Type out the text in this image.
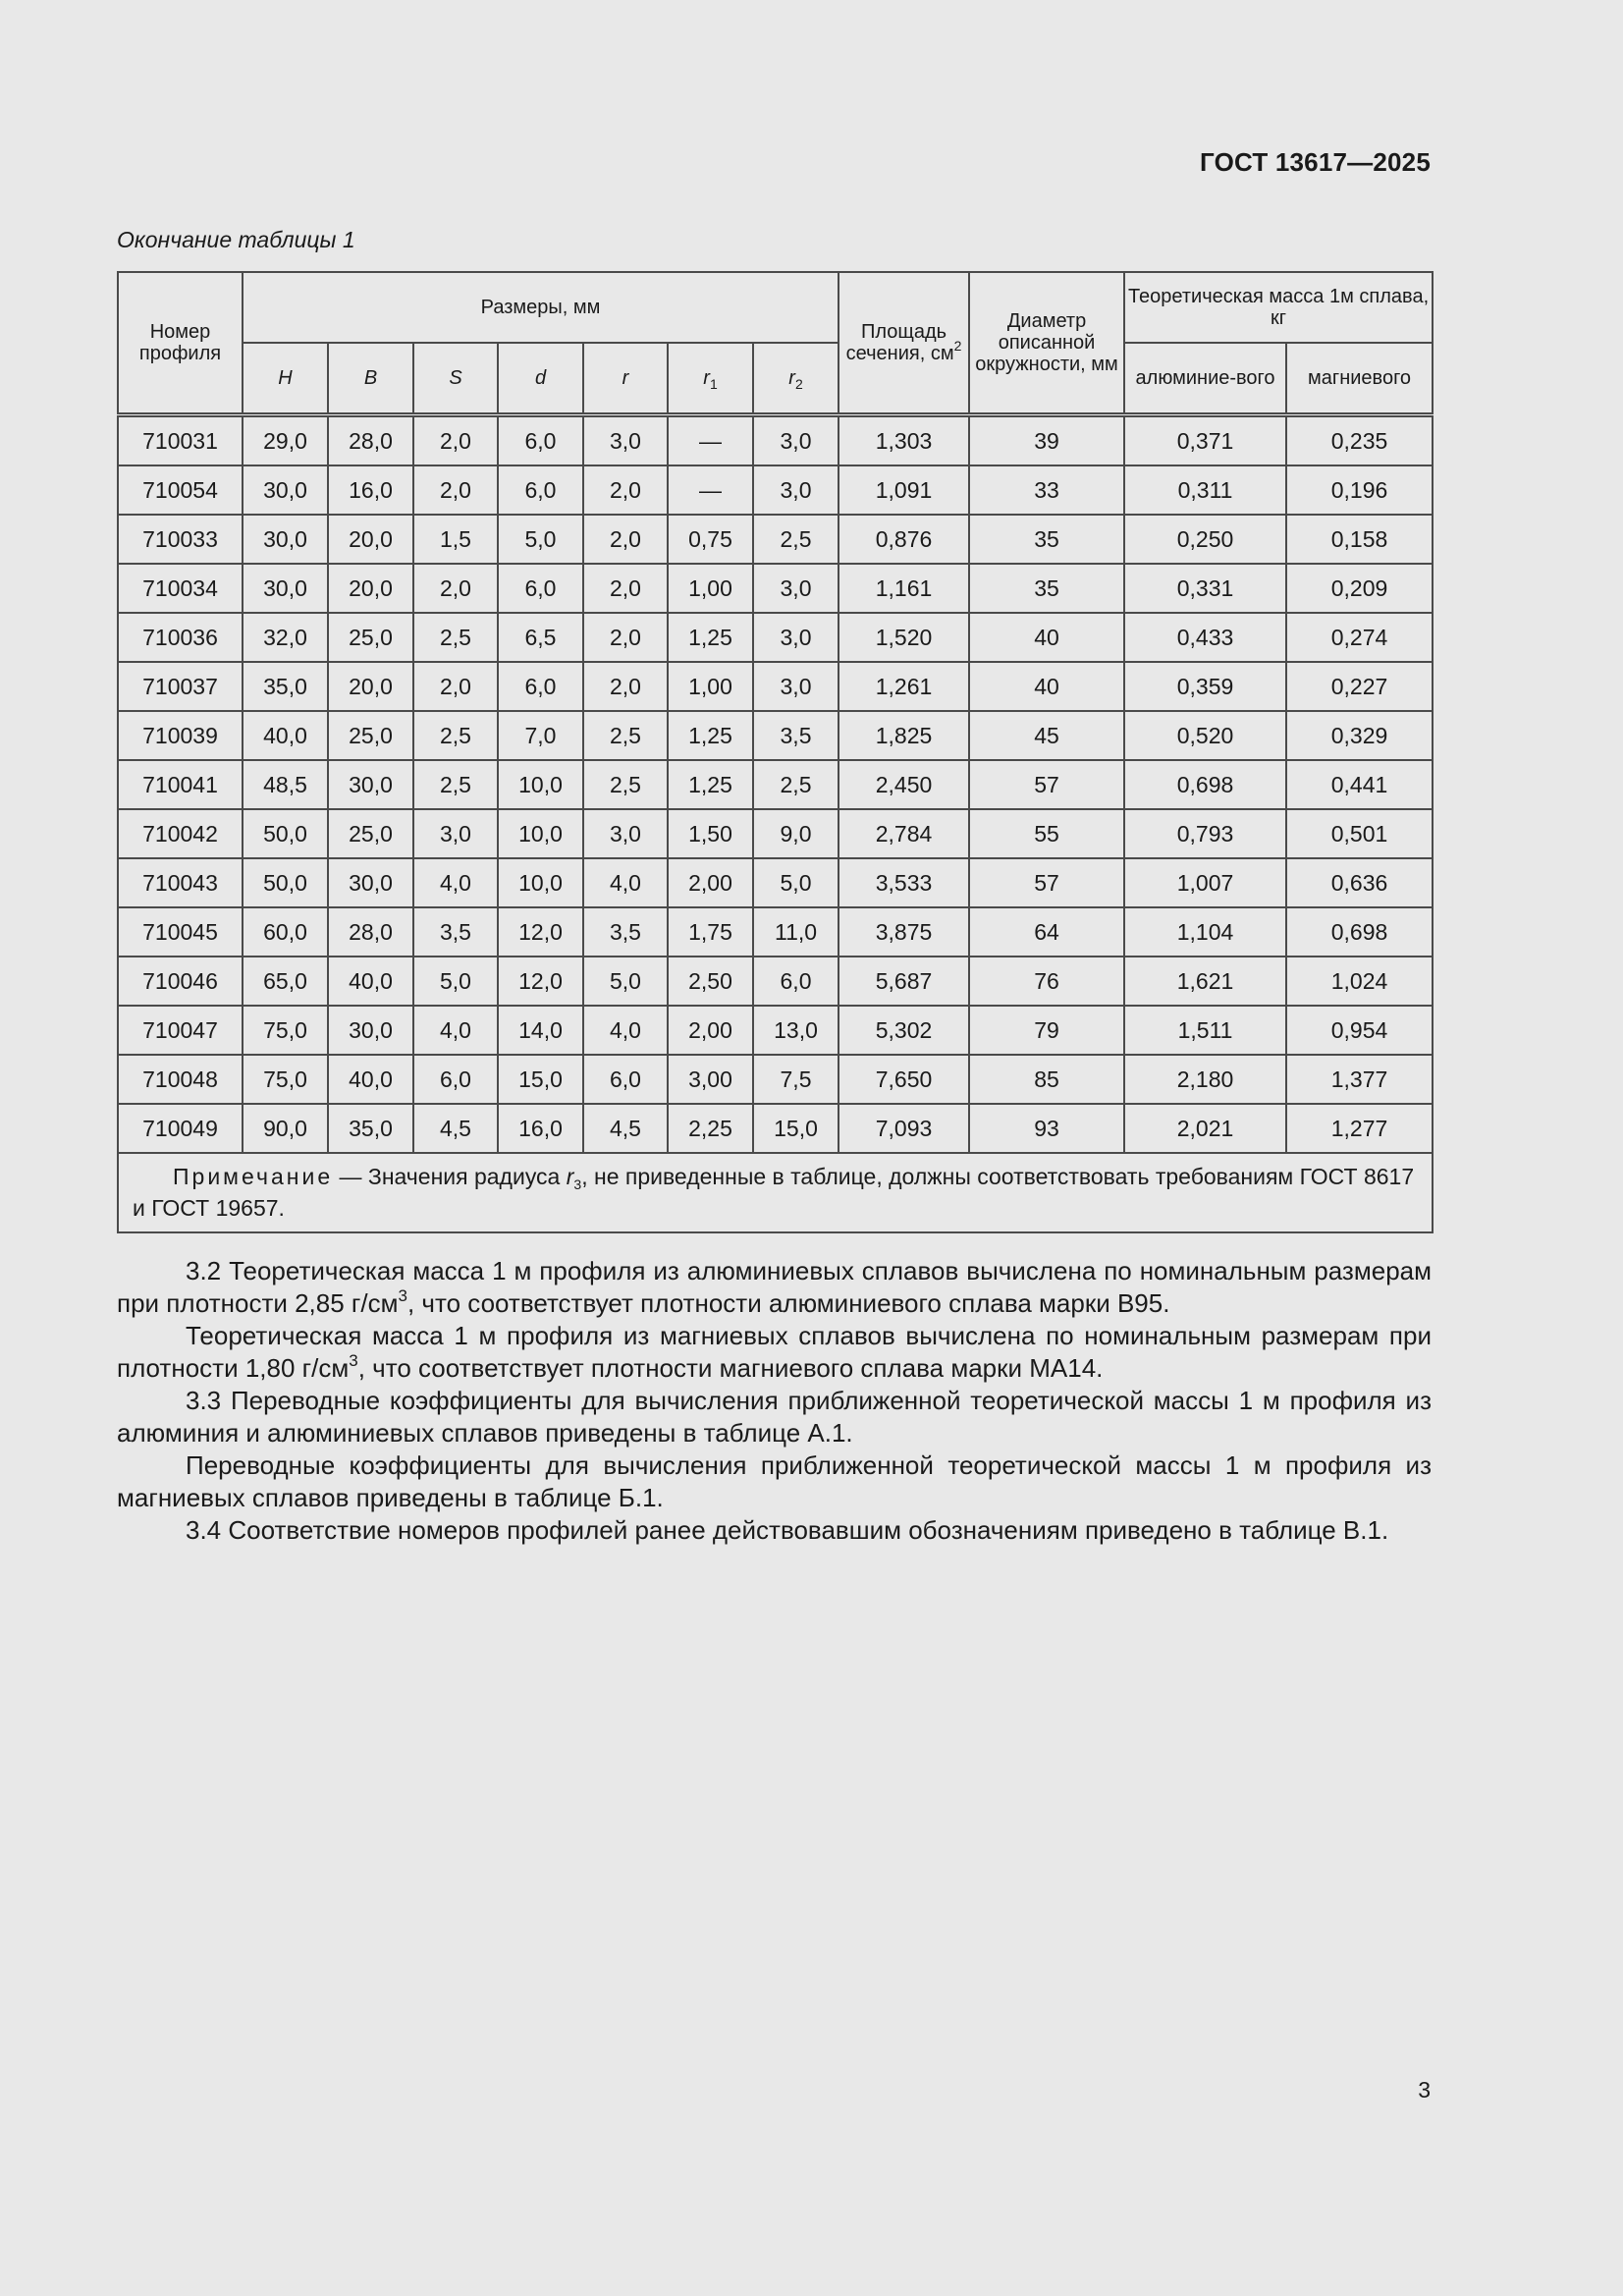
ГОСТ 13617—2025
Окончание таблицы 1
Номер профиля	Размеры, мм							Площадь сечения, $см^2$	Диаметр описанной окружности, мм	Теоретическая масса 1м сплава, кг	
	H	B	S	d	r	$r_1$	$r_2$			алюминие-вого	магниевого
710031	29,0	28,0	2,0	6,0	3,0	—	3,0	1,303	39	0,371	0,235
710054	30,0	16,0	2,0	6,0	2,0	—	3,0	1,091	33	0,311	0,196
710033	30,0	20,0	1,5	5,0	2,0	0,75	2,5	0,876	35	0,250	0,158
710034	30,0	20,0	2,0	6,0	2,0	1,00	3,0	1,161	35	0,331	0,209
710036	32,0	25,0	2,5	6,5	2,0	1,25	3,0	1,520	40	0,433	0,274
710037	35,0	20,0	2,0	6,0	2,0	1,00	3,0	1,261	40	0,359	0,227
710039	40,0	25,0	2,5	7,0	2,5	1,25	3,5	1,825	45	0,520	0,329
710041	48,5	30,0	2,5	10,0	2,5	1,25	2,5	2,450	57	0,698	0,441
710042	50,0	25,0	3,0	10,0	3,0	1,50	9,0	2,784	55	0,793	0,501
710043	50,0	30,0	4,0	10,0	4,0	2,00	5,0	3,533	57	1,007	0,636
710045	60,0	28,0	3,5	12,0	3,5	1,75	11,0	3,875	64	1,104	0,698
710046	65,0	40,0	5,0	12,0	5,0	2,50	6,0	5,687	76	1,621	1,024
710047	75,0	30,0	4,0	14,0	4,0	2,00	13,0	5,302	79	1,511	0,954
710048	75,0	40,0	6,0	15,0	6,0	3,00	7,5	7,650	85	2,180	1,377
710049	90,0	35,0	4,5	16,0	4,5	2,25	15,0	7,093	93	2,021	1,277
Примечание — Значения радиуса $r_3$, не приведенные в таблице, должны соответствовать требованиям ГОСТ 8617 и ГОСТ 19657.											

3.2 Теоретическая масса 1 м профиля из алюминиевых сплавов вычислена по номинальным размерам при плотности 2,85 $г/см^3$, что соответствует плотности алюминиевого сплава марки В95.

Теоретическая масса 1 м профиля из магниевых сплавов вычислена по номинальным размерам при плотности 1,80 $г/см^3$, что соответствует плотности магниевого сплава марки МА14.

3.3 Переводные коэффициенты для вычисления приближенной теоретической массы 1 м профиля из алюминия и алюминиевых сплавов приведены в таблице А.1.

Переводные коэффициенты для вычисления приближенной теоретической массы 1 м профиля из магниевых сплавов приведены в таблице Б.1.

3.4 Соответствие номеров профилей ранее действовавшим обозначениям приведено в таблице В.1.

3
